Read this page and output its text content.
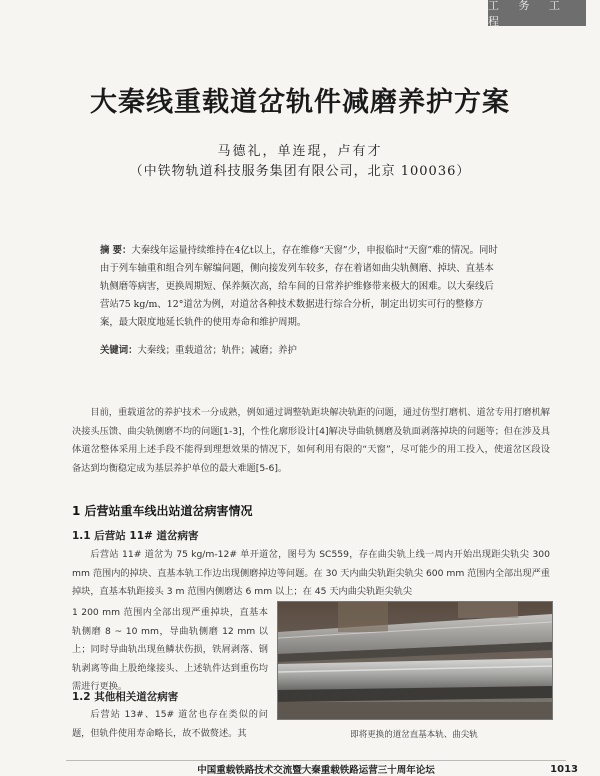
工 务 工 程
大秦线重载道岔轨件减磨养护方案
马德礼，单连琨，卢有才
（中铁物轨道科技服务集团有限公司，北京 100036）
摘 要：大秦线年运量持续维持在4亿t以上，存在维修“天窗”少，申报临时“天窗”难的情况。同时由于列车轴重和组合列车解编问题，侧向接发列车较多，存在着诸如曲尖轨侧磨、掉块、直基本轨侧磨等病害，更换周期短、保养频次高，给车间的日常养护维修带来极大的困难。以大秦线后营站75 kg/m、12°道岔为例，对道岔各种技术数据进行综合分析，制定出切实可行的整修方案，最大限度地延长轨件的使用寿命和维护周期。
关键词：大秦线；重载道岔；轨件；减磨；养护
目前，重载道岔的养护技术一分成熟，例如通过调整轨距块解决轨距的问题，通过仿型打磨机、道岔专用打磨机解决接头压馈、曲尖轨侧磨不均的问题[1-3]，个性化廓形设计[4]解决导曲轨侧磨及轨面剥落掉块的问题等；但在涉及具体道岔整体采用上述手段不能得到理想效果的情况下，如何利用有限的“天窗”，尽可能少的用工投入，使道岔区段设备达到均衡稳定成为基层养护单位的最大难题[5-6]。
1 后营站重车线出站道岔病害情况
1.1 后营站 11# 道岔病害
后营站 11# 道岔为 75 kg/m-12# 单开道岔，图号为 SC559，存在曲尖轨上线一周内开始出现距尖轨尖 300 mm 范围内的掉块、直基本轨工作边出现侧磨掉边等问题。在 30 天内曲尖轨距尖轨尖 600 mm 范围内全部出现严重掉块，直基本轨距接头 3 m 范围内侧磨达 6 mm 以上；在 45 天内曲尖轨距尖轨尖
1 200 mm 范围内全部出现严重掉块，直基本轨侧磨 8 ~ 10 mm，导曲轨侧磨 12 mm 以上；同时导曲轨出现鱼鳞状伤损，铁屑剥落、钢轨剥离等曲上股绝缘接头、上述轨件达到重伤均需进行更换。
1.2 其他相关道岔病害
后营站 13#、15# 道岔也存在类似的问题，但轨件使用寿命略长，故不做赘述。其	即将更换的道岔直基本轨、曲尖轨
中国重载铁路技术交流暨大秦重载铁路运营三十周年论坛	1013
